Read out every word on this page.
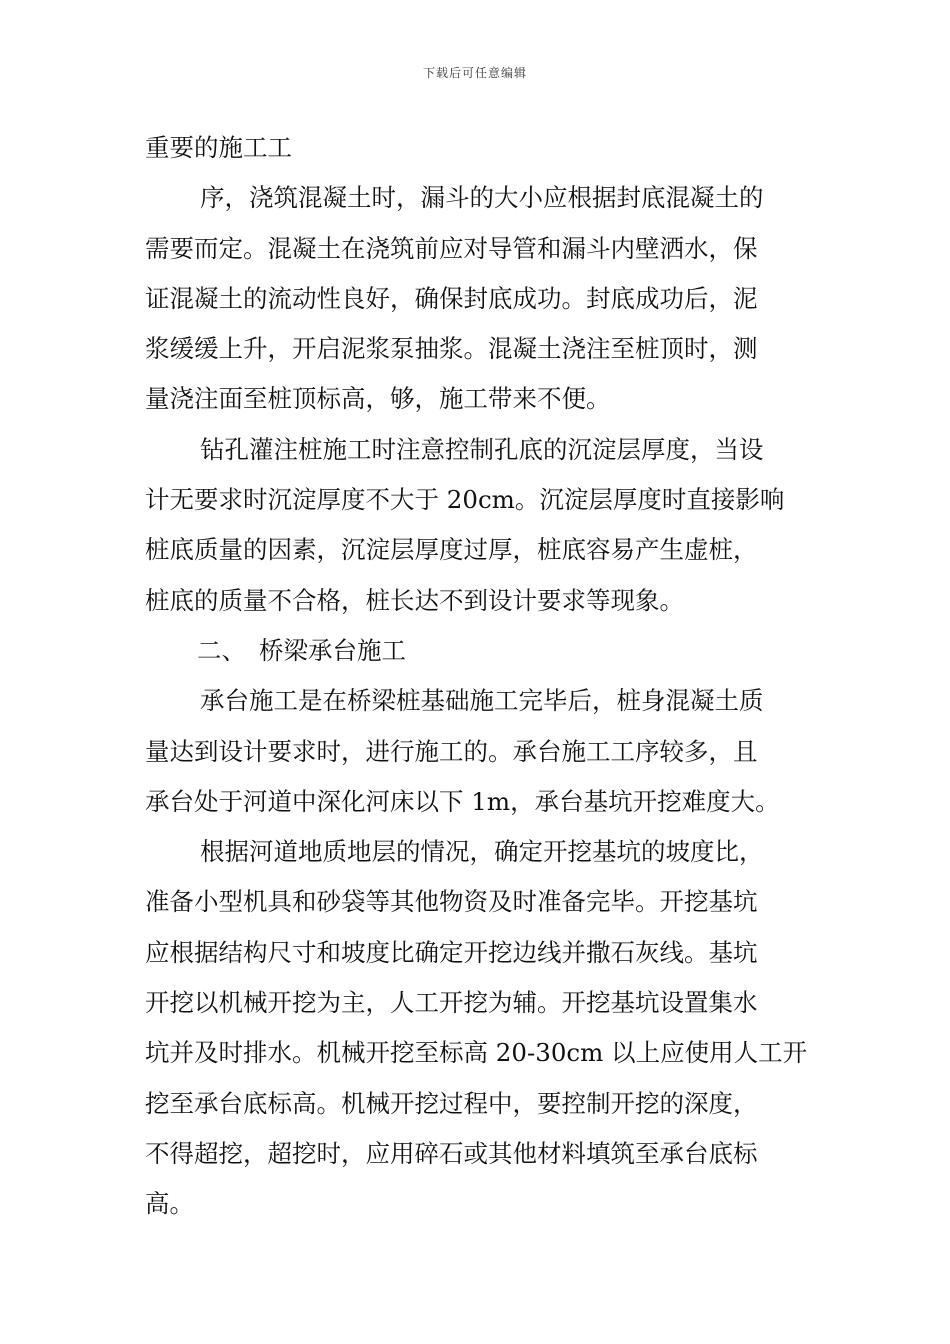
下载后可任意编辑
重要的施工工
序，浇筑混凝土时，漏斗的大小应根据封底混凝土的
需要而定。混凝土在浇筑前应对导管和漏斗内壁洒水，保
证混凝土的流动性良好，确保封底成功。封底成功后，泥
浆缓缓上升，开启泥浆泵抽浆。混凝土浇注至桩顶时，测
量浇注面至桩顶标高，够，施工带来不便。
钻孔灌注桩施工时注意控制孔底的沉淀层厚度，当设
计无要求时沉淀厚度不大于 20cm。沉淀层厚度时直接影响
桩底质量的因素，沉淀层厚度过厚，桩底容易产生虚桩，
桩底的质量不合格，桩长达不到设计要求等现象。
二、 桥梁承台施工
承台施工是在桥梁桩基础施工完毕后，桩身混凝土质
量达到设计要求时，进行施工的。承台施工工序较多，且
承台处于河道中深化河床以下 1m，承台基坑开挖难度大。
根据河道地质地层的情况，确定开挖基坑的坡度比，
准备小型机具和砂袋等其他物资及时准备完毕。开挖基坑
应根据结构尺寸和坡度比确定开挖边线并撒石灰线。基坑
开挖以机械开挖为主，人工开挖为辅。开挖基坑设置集水
坑并及时排水。机械开挖至标高 20-30cm 以上应使用人工开
挖至承台底标高。机械开挖过程中，要控制开挖的深度，
不得超挖，超挖时，应用碎石或其他材料填筑至承台底标
高。
